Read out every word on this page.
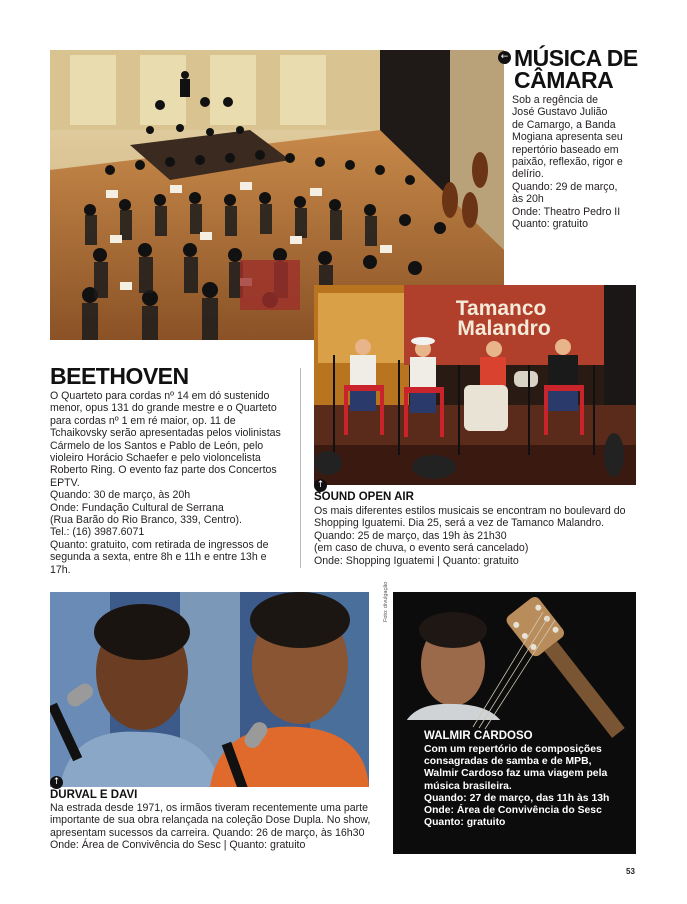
← MÚSICA DE CÂMARA

Sob a regência de

José Gustavo Julião

de Camargo, a Banda

Mogiana apresenta seu

repertório baseado em

paixão, reflexão, rigor e

delírio.

Quando: 29 de março,

às 20h

Onde: Theatro Pedro II

Quanto: gratuito

Tamanco Malandro
BEETHOVEN

O Quarteto para cordas nº 14 em dó sustenido

menor, opus 131 do grande mestre e o Quarteto

para cordas nº 1 em ré maior, op. 11 de

Tchaikovsky serão apresentadas pelos violinistas

Cármelo de los Santos e Pablo de León, pelo

violeiro Horácio Schaefer e pelo violoncelista

Roberto Ring. O evento faz parte dos Concertos

EPTV.

Quando: 30 de março, às 20h

Onde: Fundação Cultural de Serrana

(Rua Barão do Rio Branco, 339, Centro).

Tel.: (16) 3987.6071

Quanto: gratuito, com retirada de ingressos de

segunda a sexta, entre 8h e 11h e entre 13h e 17h.

↑
SOUND OPEN AIR

Os mais diferentes estilos musicais se encontram no boulevard do

Shopping Iguatemi. Dia 25, será a vez de Tamanco Malandro.

Quando: 25 de março, das 19h às 21h30

(em caso de chuva, o evento será cancelado)

Onde: Shopping Iguatemi | Quanto: gratuito

↑
DURVAL E DAVI

Na estrada desde 1971, os irmãos tiveram recentemente uma parte

importante de sua obra relançada na coleção Dose Dupla. No show,

apresentam sucessos da carreira. Quando: 26 de março, às 16h30

Onde: Área de Convivência do Sesc | Quanto: gratuito

WALMIR CARDOSO

Com um repertório de composições

consagradas de samba e de MPB,

Walmir Cardoso faz uma viagem pela

música brasileira.

Quando: 27 de março, das 11h às 13h

Onde: Área de Convivência do Sesc

Quanto: gratuito

Foto: divulgação
53
